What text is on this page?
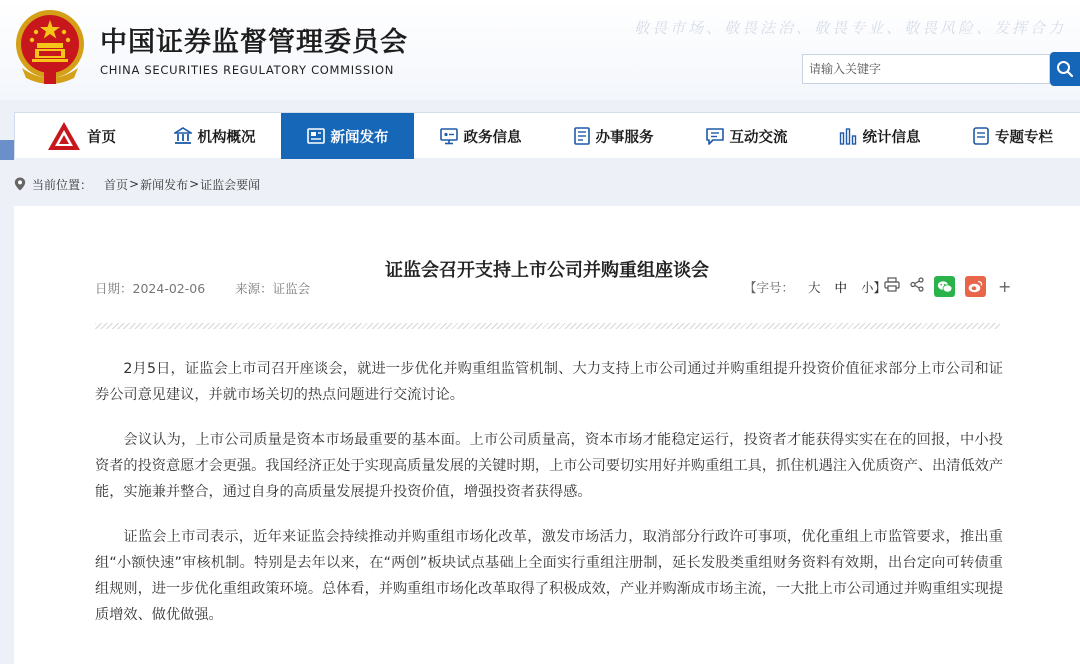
中国证券监督管理委员会
CHINA SECURITIES REGULATORY COMMISSION
敬畏市场、敬畏法治、敬畏专业、敬畏风险、发挥合力
请输入关键字
首页	机构概况	新闻发布	政务信息	办事服务	互动交流	统计信息	专题专栏
当前位置： 首页 > 新闻发布 > 证监会要闻
证监会召开支持上市公司并购重组座谈会
日期：2024-02-06 来源：证监会	【字号： 大 中 小】	+

2月5日，证监会上市司召开座谈会，就进一步优化并购重组监管机制、大力支持上市公司通过并购重组提升投资价值征求部分上市公司和证券公司意见建议，并就市场关切的热点问题进行交流讨论。

会议认为，上市公司质量是资本市场最重要的基本面。上市公司质量高，资本市场才能稳定运行，投资者才能获得实实在在的回报，中小投资者的投资意愿才会更强。我国经济正处于实现高质量发展的关键时期，上市公司要切实用好并购重组工具，抓住机遇注入优质资产、出清低效产能，实施兼并整合，通过自身的高质量发展提升投资价值，增强投资者获得感。

证监会上市司表示，近年来证监会持续推动并购重组市场化改革，激发市场活力，取消部分行政许可事项，优化重组上市监管要求，推出重组“小额快速”审核机制。特别是去年以来，在“两创”板块试点基础上全面实行重组注册制，延长发股类重组财务资料有效期，出台定向可转债重组规则，进一步优化重组政策环境。总体看，并购重组市场化改革取得了积极成效，产业并购渐成市场主流，一大批上市公司通过并购重组实现提质增效、做优做强。
